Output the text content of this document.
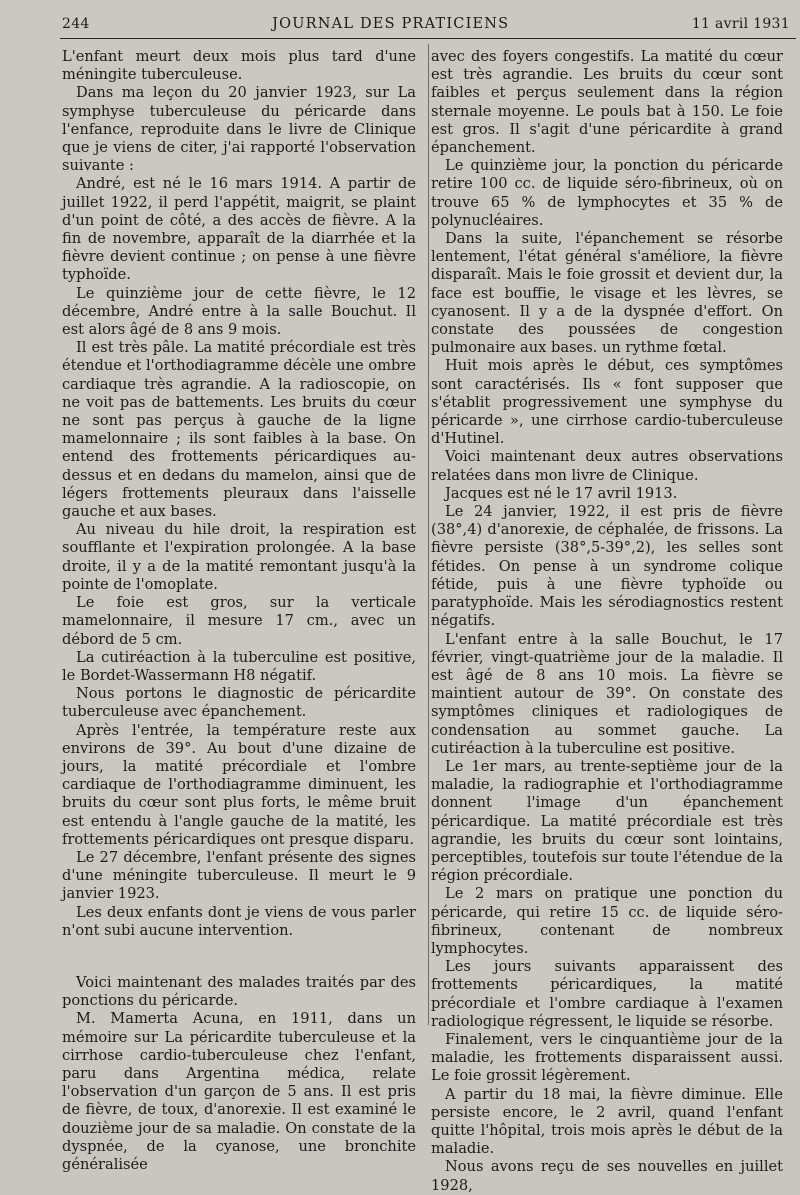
244	JOURNAL DES PRATICIENS	11 avril 1931

L'enfant meurt deux mois plus tard d'une méningite tuberculeuse.

Dans ma leçon du 20 janvier 1923, sur La symphyse tuberculeuse du péricarde dans l'enfance, reproduite dans le livre de Clinique que je viens de citer, j'ai rapporté l'observation suivante :

André, est né le 16 mars 1914. A partir de juillet 1922, il perd l'appétit, maigrit, se plaint d'un point de côté, a des accès de fièvre. A la fin de novembre, apparaît de la diarrhée et la fièvre devient continue ; on pense à une fièvre typhoïde.

Le quinzième jour de cette fièvre, le 12 décembre, André entre à la salle Bouchut. Il est alors âgé de 8 ans 9 mois.

Il est très pâle. La matité précordiale est très étendue et l'orthodiagramme décèle une ombre cardiaque très agrandie. A la radioscopie, on ne voit pas de battements. Les bruits du cœur ne sont pas perçus à gauche de la ligne mamelonnaire ; ils sont faibles à la base. On entend des frottements péricardiques au-dessus et en dedans du mamelon, ainsi que de légers frottements pleuraux dans l'aisselle gauche et aux bases.

Au niveau du hile droit, la respiration est soufflante et l'expiration prolongée. A la base droite, il y a de la matité remontant jusqu'à la pointe de l'omoplate.

Le foie est gros, sur la verticale mamelonnaire, il mesure 17 cm., avec un débord de 5 cm.

La cutiréaction à la tuberculine est positive, le Bordet-Wassermann H8 négatif.

Nous portons le diagnostic de péricardite tuberculeuse avec épanchement.

Après l'entrée, la température reste aux environs de 39°. Au bout d'une dizaine de jours, la matité précordiale et l'ombre cardiaque de l'orthodiagramme diminuent, les bruits du cœur sont plus forts, le même bruit est entendu à l'angle gauche de la matité, les frottements péricardiques ont presque disparu.

Le 27 décembre, l'enfant présente des signes d'une méningite tuberculeuse. Il meurt le 9 janvier 1923.

Les deux enfants dont je viens de vous parler n'ont subi aucune intervention.

Voici maintenant des malades traités par des ponctions du péricarde.

M. Mamerta Acuna, en 1911, dans un mémoire sur La péricardite tuberculeuse et la cirrhose cardio-tuberculeuse chez l'enfant, paru dans Argentina médica, relate l'observation d'un garçon de 5 ans. Il est pris de fièvre, de toux, d'anorexie. Il est examiné le douzième jour de sa maladie. On constate de la dyspnée, de la cyanose, une bronchite généralisée

avec des foyers congestifs. La matité du cœur est très agrandie. Les bruits du cœur sont faibles et perçus seulement dans la région sternale moyenne. Le pouls bat à 150. Le foie est gros. Il s'agit d'une péricardite à grand épanchement.

Le quinzième jour, la ponction du péricarde retire 100 cc. de liquide séro-fibrineux, où on trouve 65 % de lymphocytes et 35 % de polynucléaires.

Dans la suite, l'épanchement se résorbe lentement, l'état général s'améliore, la fièvre disparaît. Mais le foie grossit et devient dur, la face est bouffie, le visage et les lèvres, se cyanosent. Il y a de la dyspnée d'effort. On constate des poussées de congestion pulmonaire aux bases. un rythme fœtal.

Huit mois après le début, ces symptômes sont caractérisés. Ils « font supposer que s'établit progressivement une symphyse du péricarde », une cirrhose cardio-tuberculeuse d'Hutinel.

Voici maintenant deux autres observations relatées dans mon livre de Clinique.

Jacques est né le 17 avril 1913.

Le 24 janvier, 1922, il est pris de fièvre (38°,4) d'anorexie, de céphalée, de frissons. La fièvre persiste (38°,5-39°,2), les selles sont fétides. On pense à un syndrome colique fétide, puis à une fièvre typhoïde ou paratyphoïde. Mais les sérodiagnostics restent négatifs.

L'enfant entre à la salle Bouchut, le 17 février, vingt-quatrième jour de la maladie. Il est âgé de 8 ans 10 mois. La fièvre se maintient autour de 39°. On constate des symptômes cliniques et radiologiques de condensation au sommet gauche. La cutiréaction à la tuberculine est positive.

Le 1er mars, au trente-septième jour de la maladie, la radiographie et l'orthodiagramme donnent l'image d'un épanchement péricardique. La matité précordiale est très agrandie, les bruits du cœur sont lointains, perceptibles, toutefois sur toute l'étendue de la région précordiale.

Le 2 mars on pratique une ponction du péricarde, qui retire 15 cc. de liquide séro-fibrineux, contenant de nombreux lymphocytes.

Les jours suivants apparaissent des frottements péricardiques, la matité précordiale et l'ombre cardiaque à l'examen radiologique régressent, le liquide se résorbe.

Finalement, vers le cinquantième jour de la maladie, les frottements disparaissent aussi. Le foie grossit légèrement.

A partir du 18 mai, la fièvre diminue. Elle persiste encore, le 2 avril, quand l'enfant quitte l'hôpital, trois mois après le début de la maladie.

Nous avons reçu de ses nouvelles en juillet 1928,
